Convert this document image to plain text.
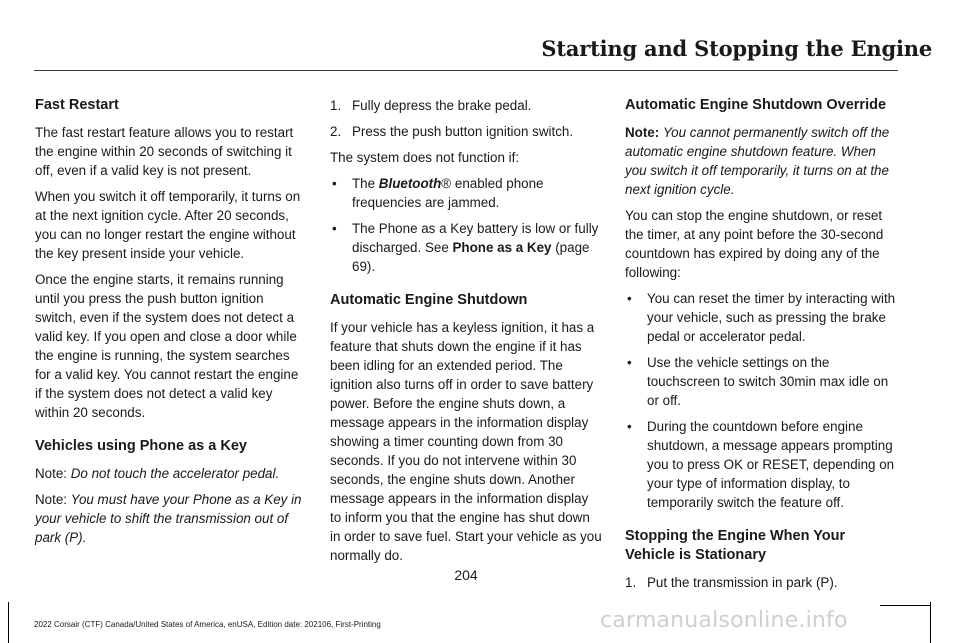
Starting and Stopping the Engine
Fast Restart

The fast restart feature allows you to restart the engine within 20 seconds of switching it off, even if a valid key is not present.

When you switch it off temporarily, it turns on at the next ignition cycle. After 20 seconds, you can no longer restart the engine without the key present inside your vehicle.

Once the engine starts, it remains running until you press the push button ignition switch, even if the system does not detect a valid key. If you open and close a door while the engine is running, the system searches for a valid key. You cannot restart the engine if the system does not detect a valid key within 20 seconds.

Vehicles using Phone as a Key

Note: Do not touch the accelerator pedal.

Note: You must have your Phone as a Key in your vehicle to shift the transmission out of park (P).

1. Fully depress the brake pedal.
2. Press the push button ignition switch.

The system does not function if:

• The Bluetooth® enabled phone frequencies are jammed.
• The Phone as a Key battery is low or fully discharged. See Phone as a Key (page 69).
Automatic Engine Shutdown

If your vehicle has a keyless ignition, it has a feature that shuts down the engine if it has been idling for an extended period. The ignition also turns off in order to save battery power. Before the engine shuts down, a message appears in the information display showing a timer counting down from 30 seconds. If you do not intervene within 30 seconds, the engine shuts down. Another message appears in the information display to inform you that the engine has shut down in order to save fuel. Start your vehicle as you normally do.

Automatic Engine Shutdown Override

Note: You cannot permanently switch off the automatic engine shutdown feature. When you switch it off temporarily, it turns on at the next ignition cycle.

You can stop the engine shutdown, or reset the timer, at any point before the 30-second countdown has expired by doing any of the following:

• You can reset the timer by interacting with your vehicle, such as pressing the brake pedal or accelerator pedal.
• Use the vehicle settings on the touchscreen to switch 30min max idle on or off.
• During the countdown before engine shutdown, a message appears prompting you to press OK or RESET, depending on your type of information display, to temporarily switch the feature off.
Stopping the Engine When Your Vehicle is Stationary
1. Put the transmission in park (P).
204
2022 Corsair (CTF) Canada/United States of America, enUSA, Edition date: 202106, First-Printing	carmanualsonline.info
